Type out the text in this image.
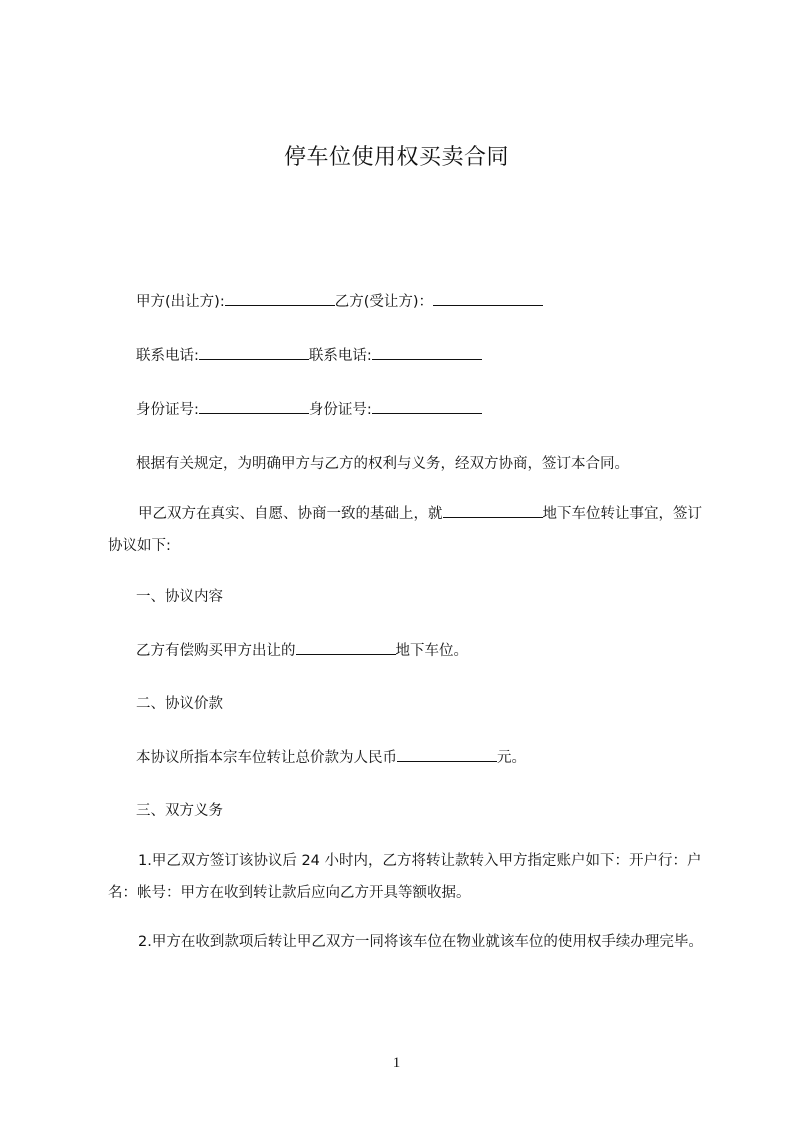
停车位使用权买卖合同
甲方(出让方):	乙方(受让方)：
联系电话:	联系电话:
身份证号:	身份证号:
根据有关规定，为明确甲方与乙方的权利与义务，经双方协商，签订本合同。
甲乙双方在真实、自愿、协商一致的基础上，就	地下车位转让事宜，签订协议如下:
一、协议内容
乙方有偿购买甲方出让的	地下车位。
二、协议价款
本协议所指本宗车位转让总价款为人民币	元。
三、双方义务
1.甲乙双方签订该协议后 24 小时内，乙方将转让款转入甲方指定账户如下：开户行：户名：帐号：甲方在收到转让款后应向乙方开具等额收据。
2.甲方在收到款项后转让甲乙双方一同将该车位在物业就该车位的使用权手续办理完毕。
1
